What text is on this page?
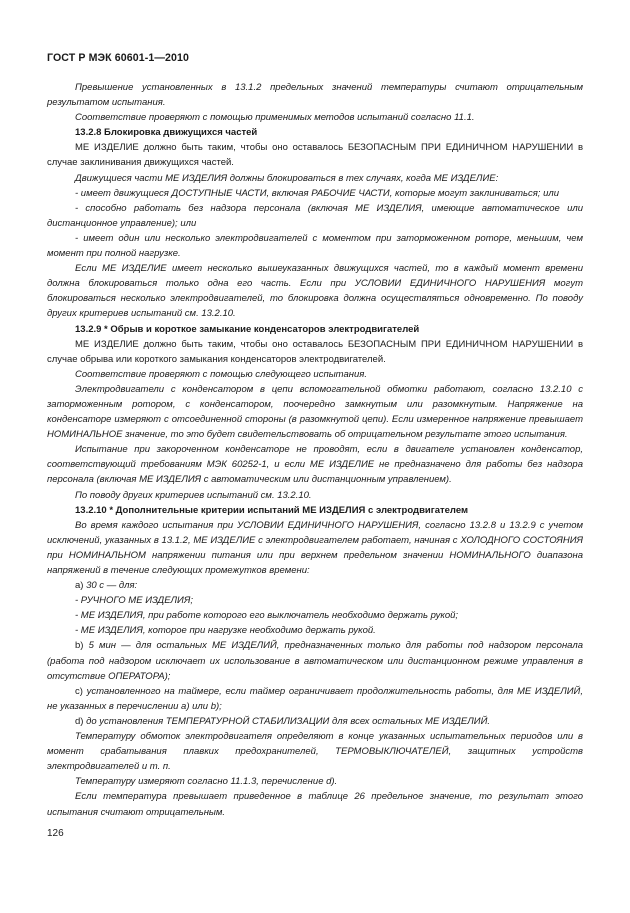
ГОСТ Р МЭК 60601-1—2010

Превышение установленных в 13.1.2 предельных значений температуры считают отрицательным результатом испытания.

Соответствие проверяют с помощью применимых методов испытаний согласно 11.1.

13.2.8 Блокировка движущихся частей

МЕ ИЗДЕЛИЕ должно быть таким, чтобы оно оставалось БЕЗОПАСНЫМ ПРИ ЕДИНИЧНОМ НАРУШЕНИИ в случае заклинивания движущихся частей.

Движущиеся части МЕ ИЗДЕЛИЯ должны блокироваться в тех случаях, когда МЕ ИЗДЕЛИЕ:

- имеет движущиеся ДОСТУПНЫЕ ЧАСТИ, включая РАБОЧИЕ ЧАСТИ, которые могут заклиниваться; или

- способно работать без надзора персонала (включая МЕ ИЗДЕЛИЯ, имеющие автоматическое или дистанционное управление); или

- имеет один или несколько электродвигателей с моментом при заторможенном роторе, меньшим, чем момент при полной нагрузке.

Если МЕ ИЗДЕЛИЕ имеет несколько вышеуказанных движущихся частей, то в каждый момент времени должна блокироваться только одна его часть. Если при УСЛОВИИ ЕДИНИЧНОГО НАРУШЕНИЯ могут блокироваться несколько электродвигателей, то блокировка должна осуществляться одновременно. По поводу других критериев испытаний см. 13.2.10.

13.2.9 * Обрыв и короткое замыкание конденсаторов электродвигателей

МЕ ИЗДЕЛИЕ должно быть таким, чтобы оно оставалось БЕЗОПАСНЫМ ПРИ ЕДИНИЧНОМ НАРУШЕНИИ в случае обрыва или короткого замыкания конденсаторов электродвигателей.

Соответствие проверяют с помощью следующего испытания.

Электродвигатели с конденсатором в цепи вспомогательной обмотки работают, согласно 13.2.10 с заторможенным ротором, с конденсатором, поочередно замкнутым или разомкнутым. Напряжение на конденсаторе измеряют с отсоединенной стороны (в разомкнутой цепи). Если измеренное напряжение превышает НОМИНАЛЬНОЕ значение, то это будет свидетельствовать об отрицательном результате этого испытания.

Испытание при закороченном конденсаторе не проводят, если в двигателе установлен конденсатор, соответствующий требованиям МЭК 60252-1, и если МЕ ИЗДЕЛИЕ не предназначено для работы без надзора персонала (включая МЕ ИЗДЕЛИЯ с автоматическим или дистанционным управлением).

По поводу других критериев испытаний см. 13.2.10.

13.2.10 * Дополнительные критерии испытаний МЕ ИЗДЕЛИЯ с электродвигателем

Во время каждого испытания при УСЛОВИИ ЕДИНИЧНОГО НАРУШЕНИЯ, согласно 13.2.8 и 13.2.9 с учетом исключений, указанных в 13.1.2, МЕ ИЗДЕЛИЕ с электродвигателем работает, начиная с ХОЛОДНОГО СОСТОЯНИЯ при НОМИНАЛЬНОМ напряжении питания или при верхнем предельном значении НОМИНАЛЬНОГО диапазона напряжений в течение следующих промежутков времени:

а) 30 с — для:

- РУЧНОГО МЕ ИЗДЕЛИЯ;

- МЕ ИЗДЕЛИЯ, при работе которого его выключатель необходимо держать рукой;

- МЕ ИЗДЕЛИЯ, которое при нагрузке необходимо держать рукой.

b) 5 мин — для остальных МЕ ИЗДЕЛИЙ, предназначенных только для работы под надзором персонала (работа под надзором исключает их использование в автоматическом или дистанционном режиме управления в отсутствие ОПЕРАТОРА);

c) установленного на таймере, если таймер ограничивает продолжительность работы, для МЕ ИЗДЕЛИЙ, не указанных в перечислении а) или b);

d) до установления ТЕМПЕРАТУРНОЙ СТАБИЛИЗАЦИИ для всех остальных МЕ ИЗДЕЛИЙ.

Температуру обмоток электродвигателя определяют в конце указанных испытательных периодов или в момент срабатывания плавких предохранителей, ТЕРМОВЫКЛЮЧАТЕЛЕЙ, защитных устройств электродвигателей и т. п.

Температуру измеряют согласно 11.1.3, перечисление d).

Если температура превышает приведенное в таблице 26 предельное значение, то результат этого испытания считают отрицательным.

126
